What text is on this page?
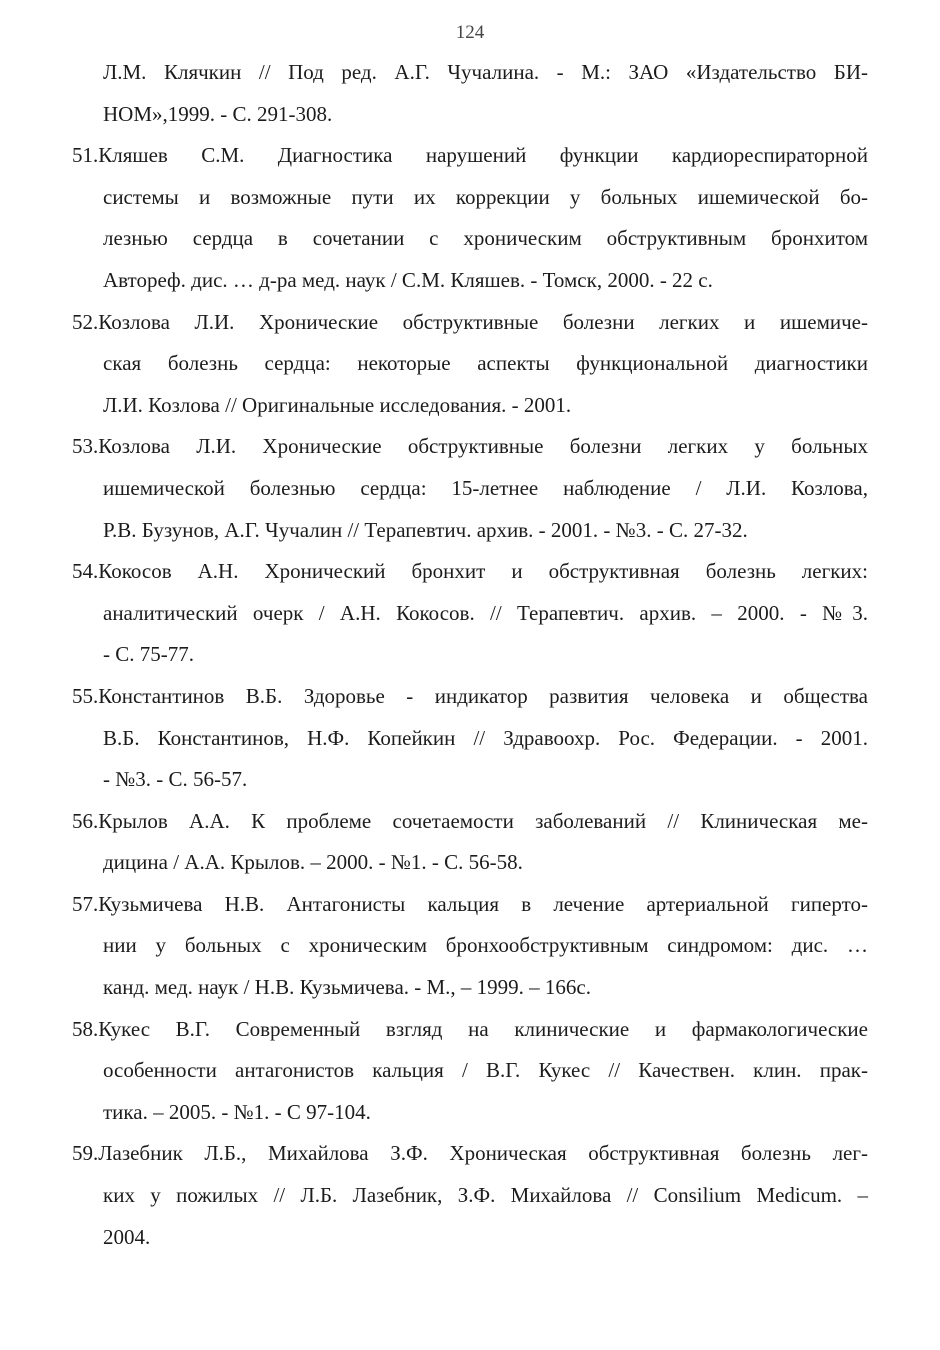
124
Л.М. Клячкин // Под ред. А.Г. Чучалина. - М.: ЗАО «Издательство БИ-
НОМ»,1999. - С. 291-308.
51.Кляшев С.М. Диагностика нарушений функции кардиореспираторной
системы и возможные пути их коррекции у больных ишемической бо-
лезнью сердца в сочетании с хроническим обструктивным бронхитом
Автореф. дис. … д-ра мед. наук / С.М. Кляшев. - Томск, 2000. - 22 с.
52.Козлова Л.И. Хронические обструктивные болезни легких и ишемиче-
ская болезнь сердца: некоторые аспекты функциональной диагностики
Л.И. Козлова // Оригинальные исследования. - 2001.
53.Козлова Л.И. Хронические обструктивные болезни легких у больных
ишемической болезнью сердца: 15-летнее наблюдение / Л.И. Козлова,
Р.В. Бузунов, А.Г. Чучалин // Терапевтич. архив. - 2001. - №3. - С. 27-32.
54.Кокосов А.Н. Хронический бронхит и обструктивная болезнь легких:
аналитический очерк / А.Н. Кокосов. // Терапевтич. архив. – 2000. - №3.
- С. 75-77.
55.Константинов В.Б. Здоровье - индикатор развития человека и общества
В.Б. Константинов, Н.Ф. Копейкин // Здравоохр. Рос. Федерации. - 2001.
- №3. - С. 56-57.
56.Крылов А.А. К проблеме сочетаемости заболеваний // Клиническая ме-
дицина / А.А. Крылов. – 2000. - №1. - С. 56-58.
57.Кузьмичева Н.В. Антагонисты кальция в лечение артериальной гиперто-
нии у больных с хроническим бронхообструктивным синдромом: дис. …
канд. мед. наук / Н.В. Кузьмичева. - М., – 1999. – 166с.
58.Кукес В.Г. Современный взгляд на клинические и фармакологические
особенности антагонистов кальция / В.Г. Кукес // Качествен. клин. прак-
тика. – 2005. - №1. - С 97-104.
59.Лазебник Л.Б., Михайлова З.Ф. Хроническая обструктивная болезнь лег-
ких у пожилых // Л.Б. Лазебник, З.Ф. Михайлова // Consilium Medicum. –
2004.
